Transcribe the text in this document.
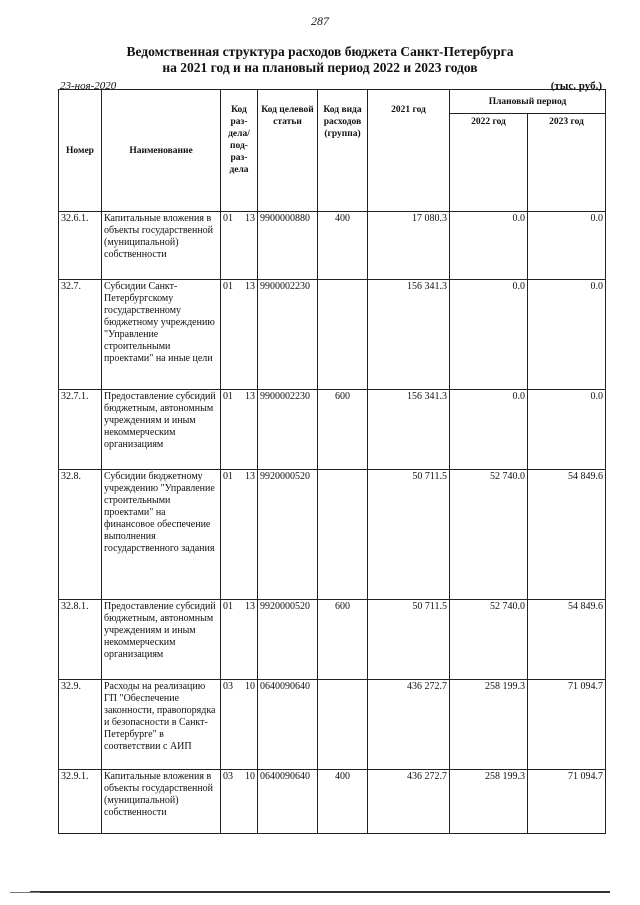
287
Ведомственная структура расходов бюджета Санкт-Петербурга
на 2021 год и на плановый период 2022 и 2023 годов
23-ноя-2020	(тыс. руб.)
Номер	Наименование	Код раз- дела/ под- раз- дела	Код целевой статьи	Код вида расходов (группа)	2021 год	Плановый период	
						2022 год	2023 год
32.6.1.	Капитальные вложения в объекты государственной (муниципальной) собственности	01 13	9900000880	400	17 080.3	0.0	0.0
32.7.	Субсидии Санкт-Петербургскому государственному бюджетному учреждению "Управление строительными проектами" на иные цели	01 13	9900002230		156 341.3	0.0	0.0
32.7.1.	Предоставление субсидий бюджетным, автономным учреждениям и иным некоммерческим организациям	01 13	9900002230	600	156 341.3	0.0	0.0
32.8.	Субсидии бюджетному учреждению "Управление строительными проектами" на финансовое обеспечение выполнения государственного задания	01 13	9920000520		50 711.5	52 740.0	54 849.6
32.8.1.	Предоставление субсидий бюджетным, автономным учреждениям и иным некоммерческим организациям	01 13	9920000520	600	50 711.5	52 740.0	54 849.6
32.9.	Расходы на реализацию ГП "Обеспечение законности, правопорядка и безопасности в Санкт-Петербурге" в соответствии с АИП	03 10	0640090640		436 272.7	258 199.3	71 094.7
32.9.1.	Капитальные вложения в объекты государственной (муниципальной) собственности	03 10	0640090640	400	436 272.7	258 199.3	71 094.7
